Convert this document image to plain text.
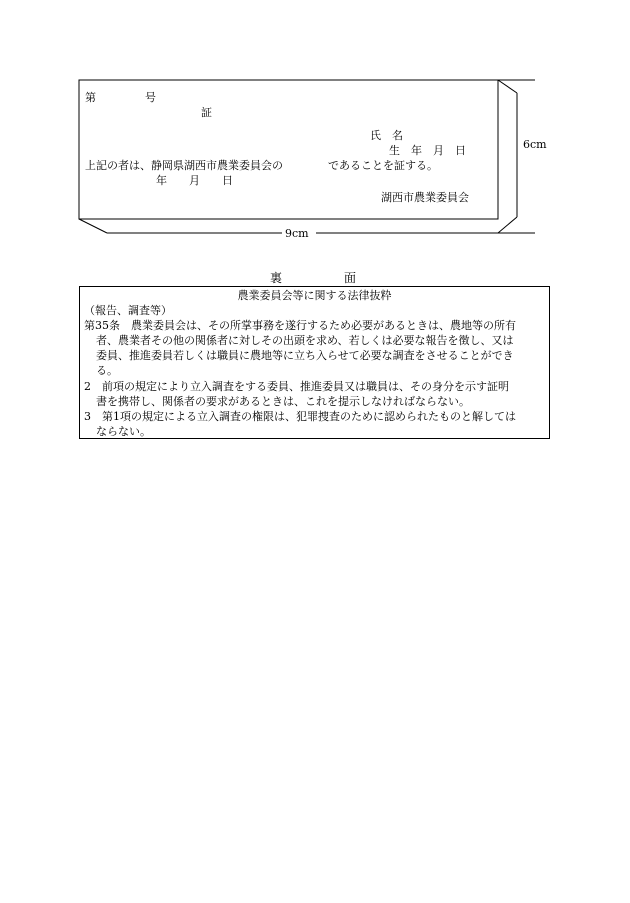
第	号
証
氏　名
生　年　月　日
上記の者は、静岡県湖西市農業委員会の	であることを証する。
年　　月　　日
湖西市農業委員会
6cm
9cm
裏	面
農業委員会等に関する法律抜粋
（報告、調査等）
第35条　農業委員会は、その所掌事務を遂行するため必要があるときは、農地等の所有
者、農業者その他の関係者に対しその出頭を求め、若しくは必要な報告を徴し、又は
委員、推進委員若しくは職員に農地等に立ち入らせて必要な調査をさせることができ
る。
2　前項の規定により立入調査をする委員、推進委員又は職員は、その身分を示す証明
書を携帯し、関係者の要求があるときは、これを提示しなければならない。
3　第1項の規定による立入調査の権限は、犯罪捜査のために認められたものと解しては
ならない。
